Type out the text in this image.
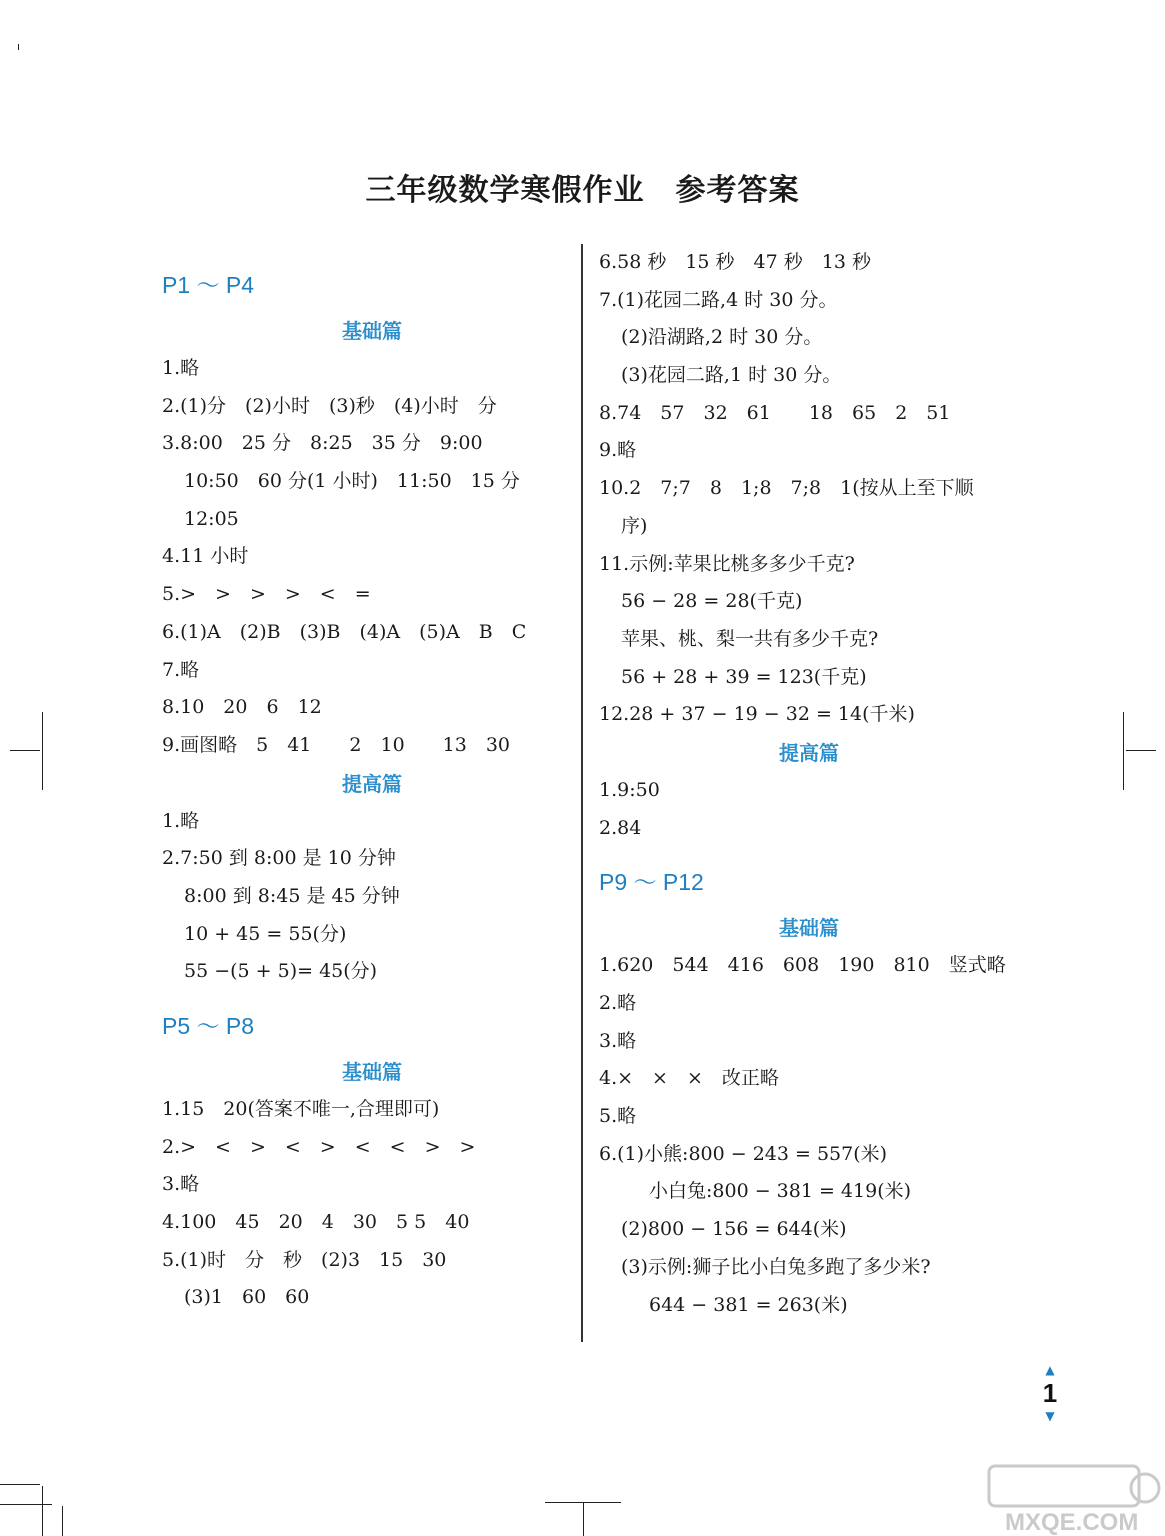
三年级数学寒假作业　参考答案
P1 ～ P4
基础篇
1.略
2.(1)分　(2)小时　(3)秒　(4)小时　分
3.8:00　25 分　8:25　35 分　9:00
10:50　60 分(1 小时)　11:50　15 分
12:05
4.11 小时
5.>　>　>　>　<　=
6.(1)A　(2)B　(3)B　(4)A　(5)A　B　C
7.略
8.10　20　6　12
9.画图略　5　41　　2　10　　13　30
提高篇
1.略
2.7:50 到 8:00 是 10 分钟
8:00 到 8:45 是 45 分钟
10 + 45 = 55(分)
55 −(5 + 5)= 45(分)
P5 ～ P8
基础篇
1.15　20(答案不唯一,合理即可)
2.>　<　>　<　>　<　<　>　>
3.略
4.100　45　20　4　30　5 5　40
5.(1)时　分　秒　(2)3　15　30
(3)1　60　60
6.58 秒　15 秒　47 秒　13 秒
7.(1)花园二路,4 时 30 分。
(2)沿湖路,2 时 30 分。
(3)花园二路,1 时 30 分。
8.74　57　32　61　　18　65　2　51
9.略
10.2　7;7　8　1;8　7;8　1(按从上至下顺
序)
11.示例:苹果比桃多多少千克?
56 − 28 = 28(千克)
苹果、桃、梨一共有多少千克?
56 + 28 + 39 = 123(千克)
12.28 + 37 − 19 − 32 = 14(千米)
提高篇
1.9:50
2.84
P9 ～ P12
基础篇
1.620　544　416　608　190　810　竖式略
2.略
3.略
4.×　×　×　改正略
5.略
6.(1)小熊:800 − 243 = 557(米)
小白兔:800 − 381 = 419(米)
(2)800 − 156 = 644(米)
(3)示例:狮子比小白兔多跑了多少米?
644 − 381 = 263(米)
▲
1
▼
MXQE.COM
